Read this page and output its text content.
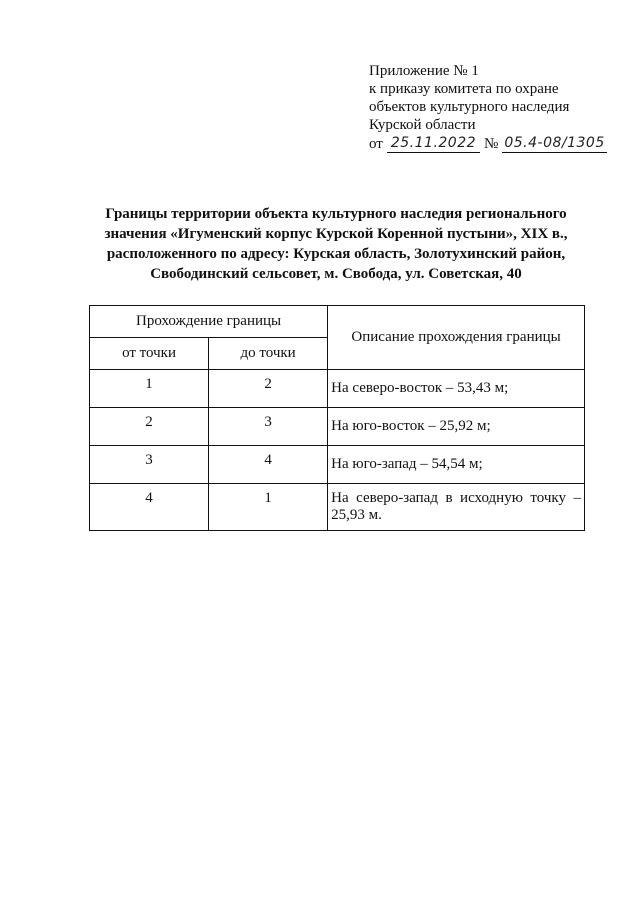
Приложение № 1
к приказу комитета по охране
объектов культурного наследия
Курской области
от 25.11.2022 № 05.4-08/1305
Границы территории объекта культурного наследия регионального
значения «Игуменский корпус Курской Коренной пустыни», XIX в.,
расположенного по адресу: Курская область, Золотухинский район,
Свободинский сельсовет, м. Свобода, ул. Советская, 40
Прохождение границы		Описание прохождения границы
от точки	до точки	
1	2	На северо-восток – 53,43 м;
2	3	На юго-восток – 25,92 м;
3	4	На юго-запад – 54,54 м;
4	1	На северо-запад в исходную точку – 25,93 м.
